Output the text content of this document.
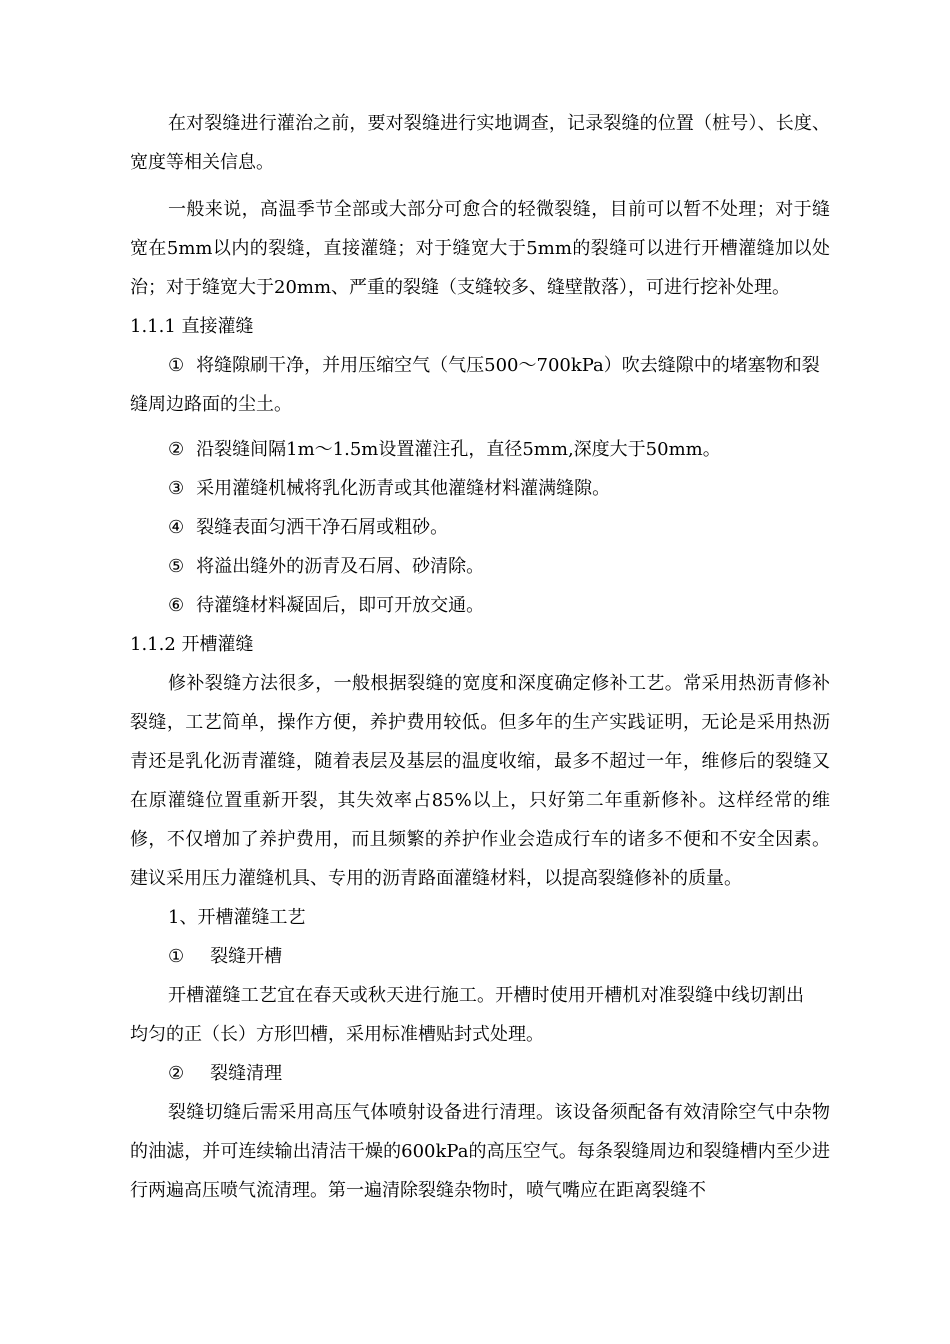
在对裂缝进行灌治之前，要对裂缝进行实地调查，记录裂缝的位置（桩号）、长度、宽度等相关信息。

一般来说，高温季节全部或大部分可愈合的轻微裂缝，目前可以暂不处理；对于缝宽在5mm以内的裂缝，直接灌缝；对于缝宽大于5mm的裂缝可以进行开槽灌缝加以处治；对于缝宽大于20mm、严重的裂缝（支缝较多、缝壁散落），可进行挖补处理。

1.1.1 直接灌缝

① 将缝隙刷干净，并用压缩空气（气压500～700kPa）吹去缝隙中的堵塞物和裂缝周边路面的尘土。

② 沿裂缝间隔1m～1.5m设置灌注孔，直径5mm,深度大于50mm。

③ 采用灌缝机械将乳化沥青或其他灌缝材料灌满缝隙。

④ 裂缝表面匀洒干净石屑或粗砂。

⑤ 将溢出缝外的沥青及石屑、砂清除。

⑥ 待灌缝材料凝固后，即可开放交通。

1.1.2 开槽灌缝

修补裂缝方法很多，一般根据裂缝的宽度和深度确定修补工艺。常采用热沥青修补裂缝，工艺简单，操作方便，养护费用较低。但多年的生产实践证明，无论是采用热沥青还是乳化沥青灌缝，随着表层及基层的温度收缩，最多不超过一年，维修后的裂缝又在原灌缝位置重新开裂，其失效率占85%以上，只好第二年重新修补。这样经常的维修，不仅增加了养护费用，而且频繁的养护作业会造成行车的诸多不便和不安全因素。建议采用压力灌缝机具、专用的沥青路面灌缝材料，以提高裂缝修补的质量。

1、开槽灌缝工艺

① 裂缝开槽

开槽灌缝工艺宜在春天或秋天进行施工。开槽时使用开槽机对准裂缝中线切割出均匀的正（长）方形凹槽，采用标准槽贴封式处理。

② 裂缝清理

裂缝切缝后需采用高压气体喷射设备进行清理。该设备须配备有效清除空气中杂物的油滤，并可连续输出清洁干燥的600kPa的高压空气。每条裂缝周边和裂缝槽内至少进行两遍高压喷气流清理。第一遍清除裂缝杂物时，喷气嘴应在距离裂缝不
